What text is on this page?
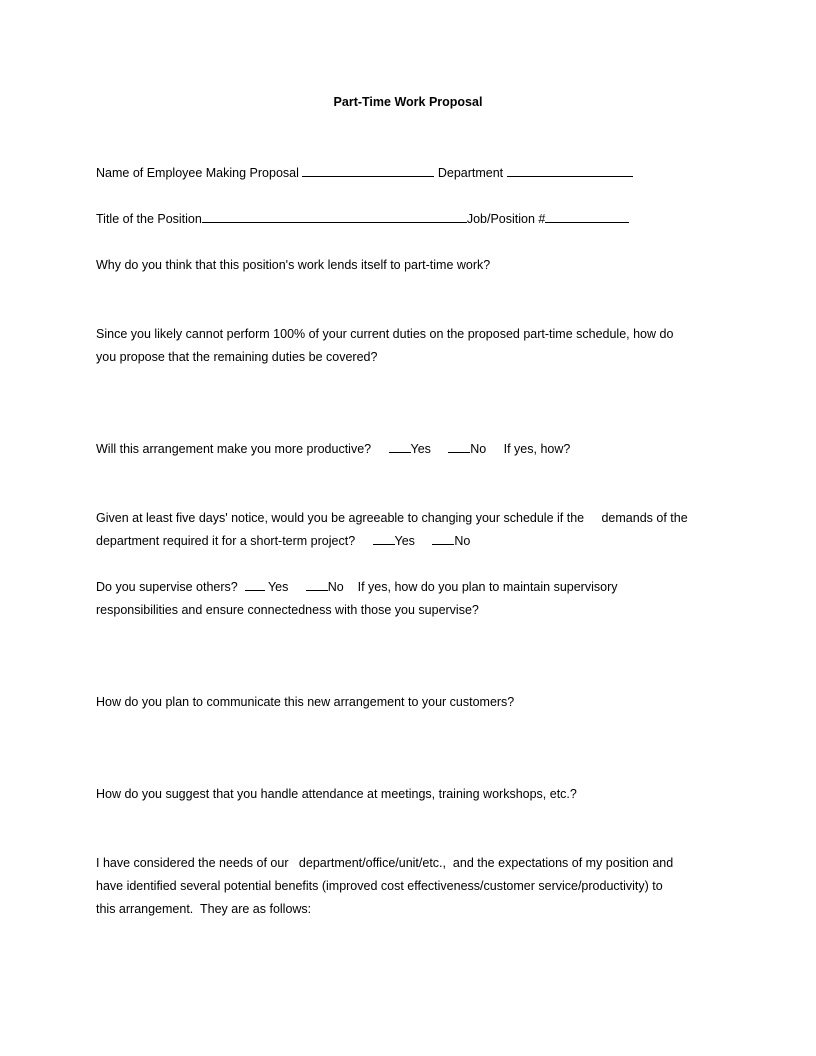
Part-Time Work Proposal
Name of Employee Making Proposal	Department
Title of the Position	Job/Position #
Why do you think that this position's work lends itself to part-time work?
Since you likely cannot perform 100% of your current duties on the proposed part-time schedule, how do
you propose that the remaining duties be covered?
Will this arrangement make you more productive?	Yes	No If yes, how?
Given at least five days' notice, would you be agreeable to changing your schedule if the     demands of the
department required it for a short-term project?	Yes	No
Do you supervise others? Yes	No If yes, how do you plan to maintain supervisory
responsibilities and ensure connectedness with those you supervise?
How do you plan to communicate this new arrangement to your customers?
How do you suggest that you handle attendance at meetings, training workshops, etc.?
I have considered the needs of our   department/office/unit/etc.,  and the expectations of my position and
have identified several potential benefits (improved cost effectiveness/customer service/productivity) to
this arrangement.  They are as follows:
